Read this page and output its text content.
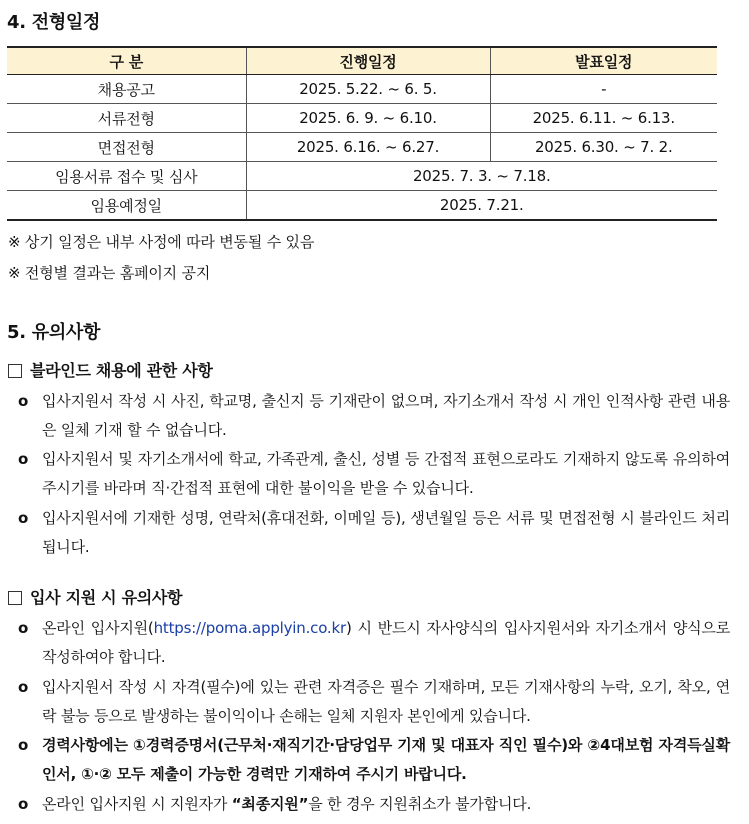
4. 전형일정
구 분	진행일정	발표일정
채용공고	2025. 5.22. ~ 6. 5.	-
서류전형	2025. 6. 9. ~ 6.10.	2025. 6.11. ~ 6.13.
면접전형	2025. 6.16. ~ 6.27.	2025. 6.30. ~ 7. 2.
임용서류 접수 및 심사	2025. 7. 3. ~ 7.18.	
임용예정일	2025. 7.21.	
※ 상기 일정은 내부 사정에 따라 변동될 수 있음
※ 전형별 결과는 홈페이지 공지
5. 유의사항
블라인드 채용에 관한 사항
o 입사지원서 작성 시 사진, 학교명, 출신지 등 기재란이 없으며, 자기소개서 작성 시 개인 인적사항 관련 내용은 일체 기재 할 수 없습니다.
o 입사지원서 및 자기소개서에 학교, 가족관계, 출신, 성별 등 간접적 표현으로라도 기재하지 않도록 유의하여 주시기를 바라며 직·간접적 표현에 대한 불이익을 받을 수 있습니다.
o 입사지원서에 기재한 성명, 연락처(휴대전화, 이메일 등), 생년월일 등은 서류 및 면접전형 시 블라인드 처리됩니다.
입사 지원 시 유의사항
o 온라인 입사지원(https://poma.applyin.co.kr) 시 반드시 자사양식의 입사지원서와 자기소개서 양식으로 작성하여야 합니다.
o 입사지원서 작성 시 자격(필수)에 있는 관련 자격증은 필수 기재하며, 모든 기재사항의 누락, 오기, 착오, 연락 불능 등으로 발생하는 불이익이나 손해는 일체 지원자 본인에게 있습니다.
o 경력사항에는 ①경력증명서(근무처·재직기간·담당업무 기재 및 대표자 직인 필수)와 ②4대보험 자격득실확인서, ①·② 모두 제출이 가능한 경력만 기재하여 주시기 바랍니다.
o 온라인 입사지원 시 지원자가 “최종지원”을 한 경우 지원취소가 불가합니다.
